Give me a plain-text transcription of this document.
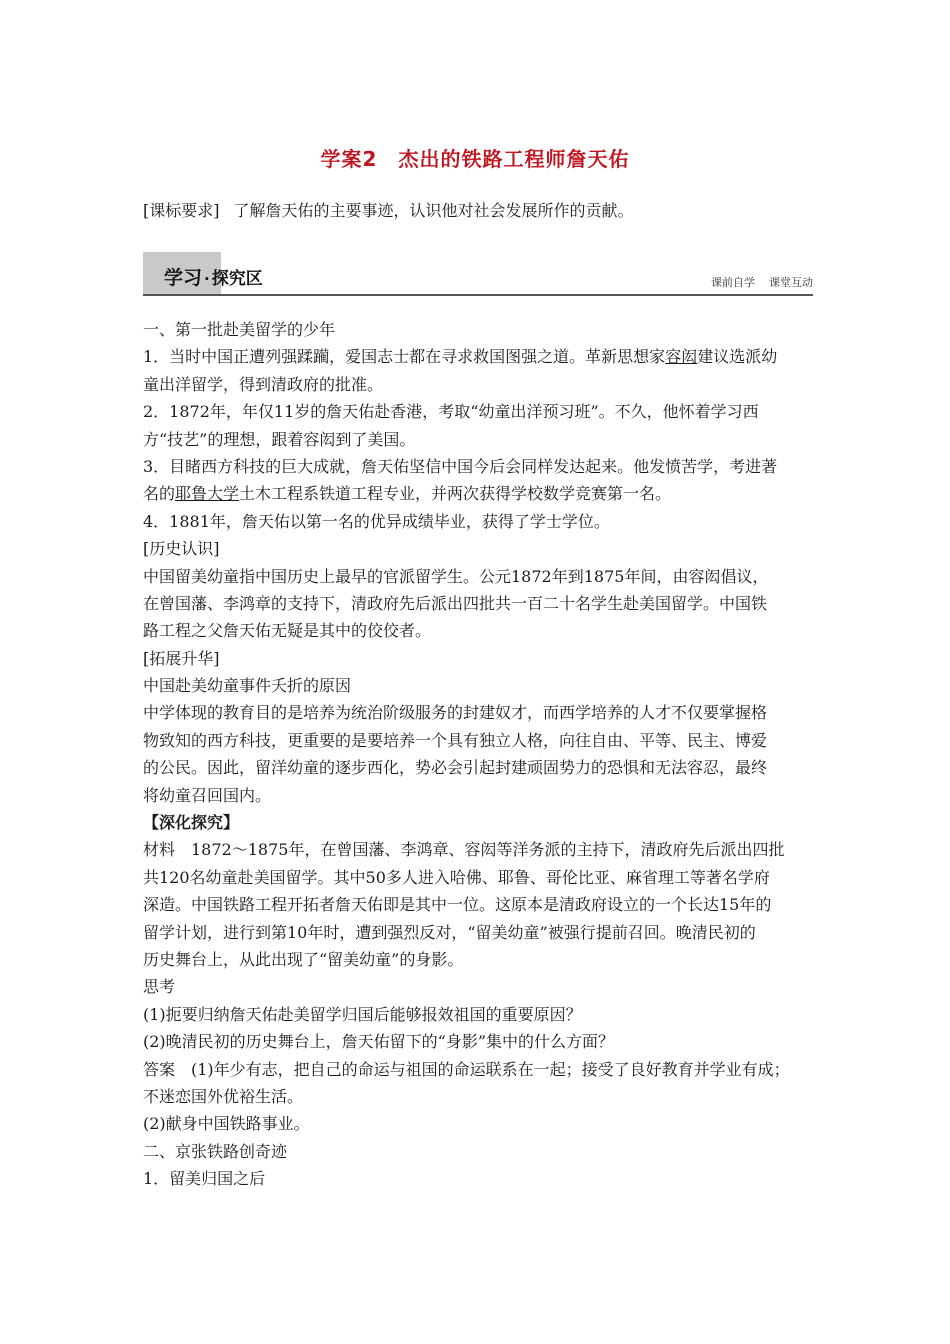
学案2　杰出的铁路工程师詹天佑
[课标要求] 了解詹天佑的主要事迹，认识他对社会发展所作的贡献。
学习 · 探究区	课前自学 课堂互动
一、第一批赴美留学的少年
1．当时中国正遭列强蹂躏，爱国志士都在寻求救国图强之道。革新思想家容闳建议选派幼
童出洋留学，得到清政府的批准。
2．1872年，年仅11岁的詹天佑赴香港，考取“幼童出洋预习班”。不久，他怀着学习西
方“技艺”的理想，跟着容闳到了美国。
3．目睹西方科技的巨大成就，詹天佑坚信中国今后会同样发达起来。他发愤苦学，考进著
名的耶鲁大学土木工程系铁道工程专业，并两次获得学校数学竞赛第一名。
4．1881年，詹天佑以第一名的优异成绩毕业，获得了学士学位。
[历史认识]
中国留美幼童指中国历史上最早的官派留学生。公元1872年到1875年间，由容闳倡议，
在曾国藩、李鸿章的支持下，清政府先后派出四批共一百二十名学生赴美国留学。中国铁
路工程之父詹天佑无疑是其中的佼佼者。
[拓展升华]
中国赴美幼童事件夭折的原因
中学体现的教育目的是培养为统治阶级服务的封建奴才，而西学培养的人才不仅要掌握格
物致知的西方科技，更重要的是要培养一个具有独立人格，向往自由、平等、民主、博爱
的公民。因此，留洋幼童的逐步西化，势必会引起封建顽固势力的恐惧和无法容忍，最终
将幼童召回国内。
【深化探究】
材料　1872～1875年，在曾国藩、李鸿章、容闳等洋务派的主持下，清政府先后派出四批
共120名幼童赴美国留学。其中50多人进入哈佛、耶鲁、哥伦比亚、麻省理工等著名学府
深造。中国铁路工程开拓者詹天佑即是其中一位。这原本是清政府设立的一个长达15年的
留学计划，进行到第10年时，遭到强烈反对，“留美幼童”被强行提前召回。晚清民初的
历史舞台上，从此出现了“留美幼童”的身影。
思考
(1)扼要归纳詹天佑赴美留学归国后能够报效祖国的重要原因？
(2)晚清民初的历史舞台上，詹天佑留下的“身影”集中的什么方面？
答案　(1)年少有志，把自己的命运与祖国的命运联系在一起；接受了良好教育并学业有成；
不迷恋国外优裕生活。
(2)献身中国铁路事业。
二、京张铁路创奇迹
1．留美归国之后
